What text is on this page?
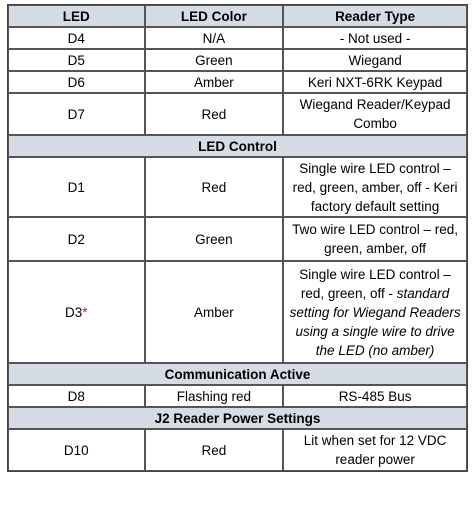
LED	LED Color	Reader Type
D4	N/A	- Not used -
D5	Green	Wiegand
D6	Amber	Keri NXT-6RK Keypad
D7	Red	Wiegand Reader/Keypad Combo
LED Control		
D1	Red	Single wire LED control – red, green, amber, off - Keri factory default setting
D2	Green	Two wire LED control – red, green, amber, off
D3*	Amber	Single wire LED control – red, green, off - standard setting for Wiegand Readers using a single wire to drive the LED (no amber)
Communication Active		
D8	Flashing red	RS-485 Bus
J2 Reader Power Settings		
D10	Red	Lit when set for 12 VDC reader power
